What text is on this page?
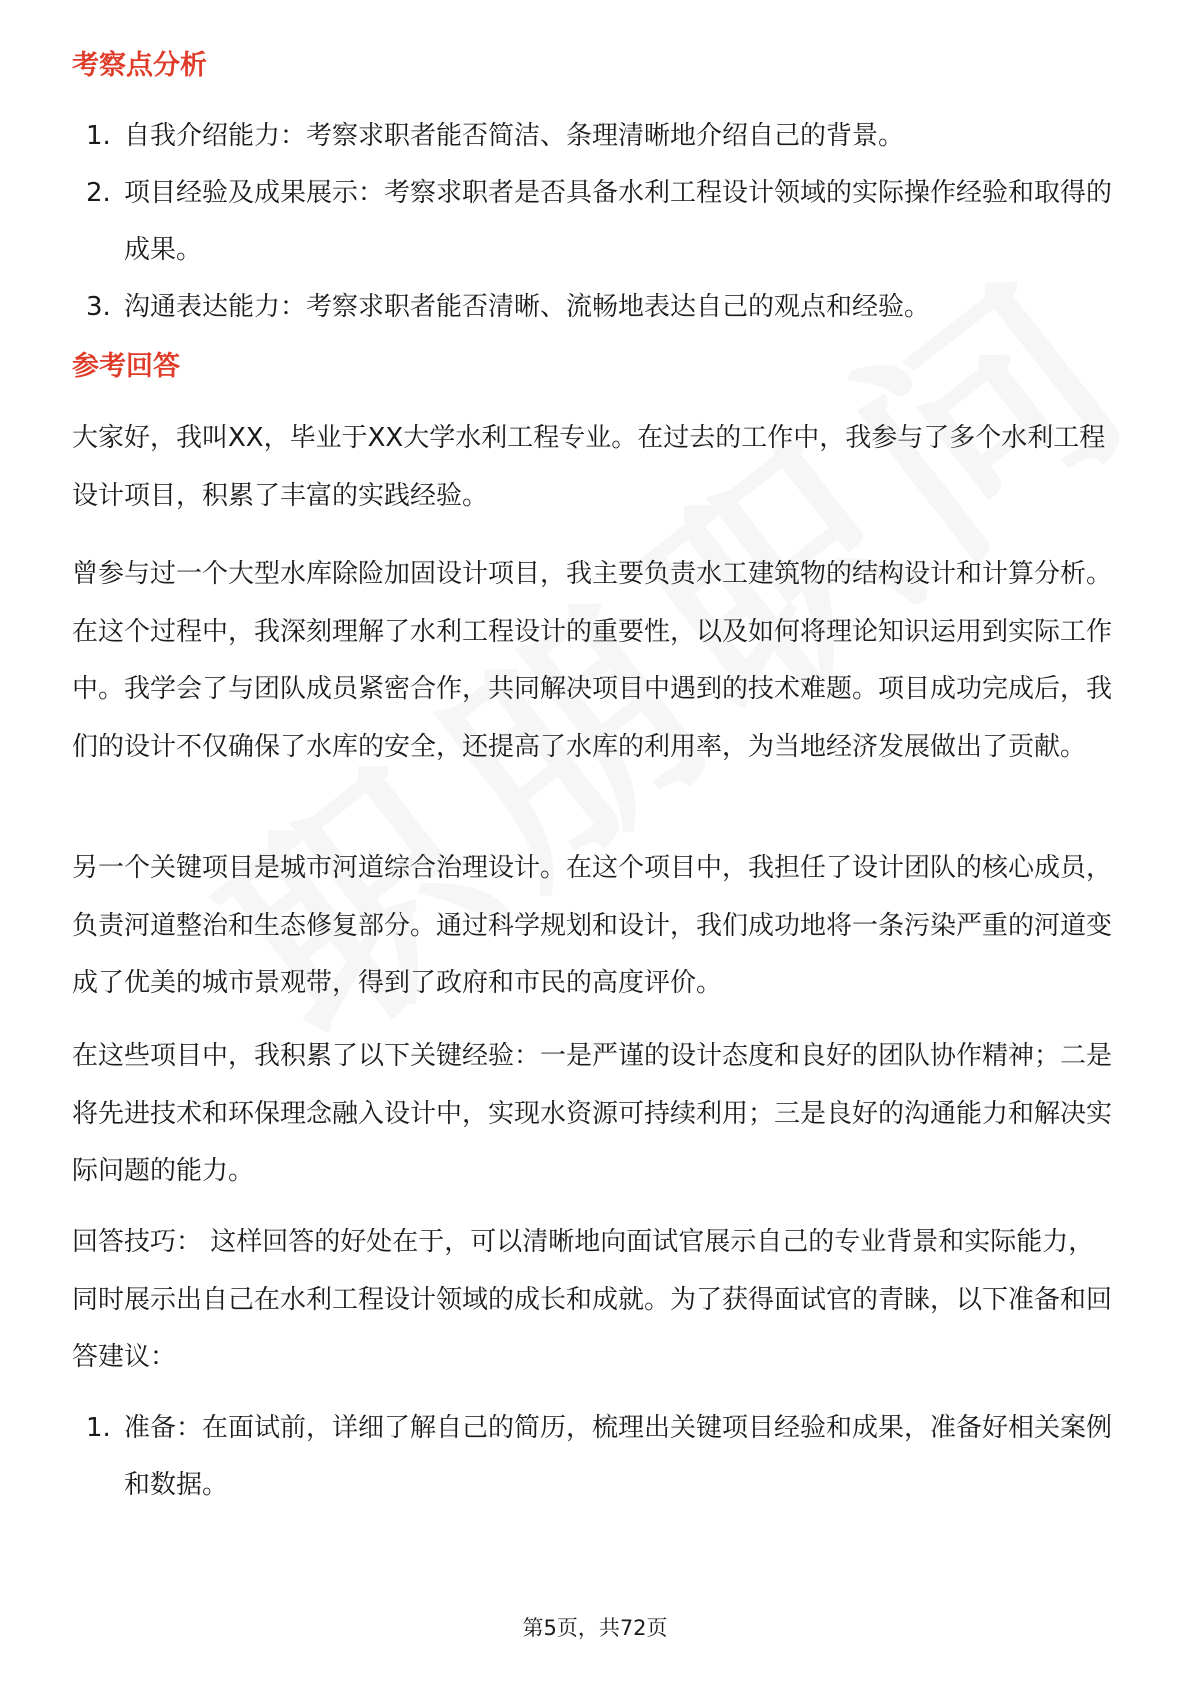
考察点分析
1. 自我介绍能力：考察求职者能否简洁、条理清晰地介绍自己的背景。
2. 项目经验及成果展示：考察求职者是否具备水利工程设计领域的实际操作经验和取得的成果。
3. 沟通表达能力：考察求职者能否清晰、流畅地表达自己的观点和经验。
参考回答

大家好，我叫XX，毕业于XX大学水利工程专业。在过去的工作中，我参与了多个水利工程设计项目，积累了丰富的实践经验。

曾参与过一个大型水库除险加固设计项目，我主要负责水工建筑物的结构设计和计算分析。在这个过程中，我深刻理解了水利工程设计的重要性，以及如何将理论知识运用到实际工作中。我学会了与团队成员紧密合作，共同解决项目中遇到的技术难题。项目成功完成后，我们的设计不仅确保了水库的安全，还提高了水库的利用率，为当地经济发展做出了贡献。

另一个关键项目是城市河道综合治理设计。在这个项目中，我担任了设计团队的核心成员，负责河道整治和生态修复部分。通过科学规划和设计，我们成功地将一条污染严重的河道变成了优美的城市景观带，得到了政府和市民的高度评价。

在这些项目中，我积累了以下关键经验：一是严谨的设计态度和良好的团队协作精神；二是将先进技术和环保理念融入设计中，实现水资源可持续利用；三是良好的沟通能力和解决实际问题的能力。

回答技巧： 这样回答的好处在于，可以清晰地向面试官展示自己的专业背景和实际能力，同时展示出自己在水利工程设计领域的成长和成就。为了获得面试官的青睐，以下准备和回答建议：

1. 准备：在面试前，详细了解自己的简历，梳理出关键项目经验和成果，准备好相关案例和数据。
第5页，共72页
